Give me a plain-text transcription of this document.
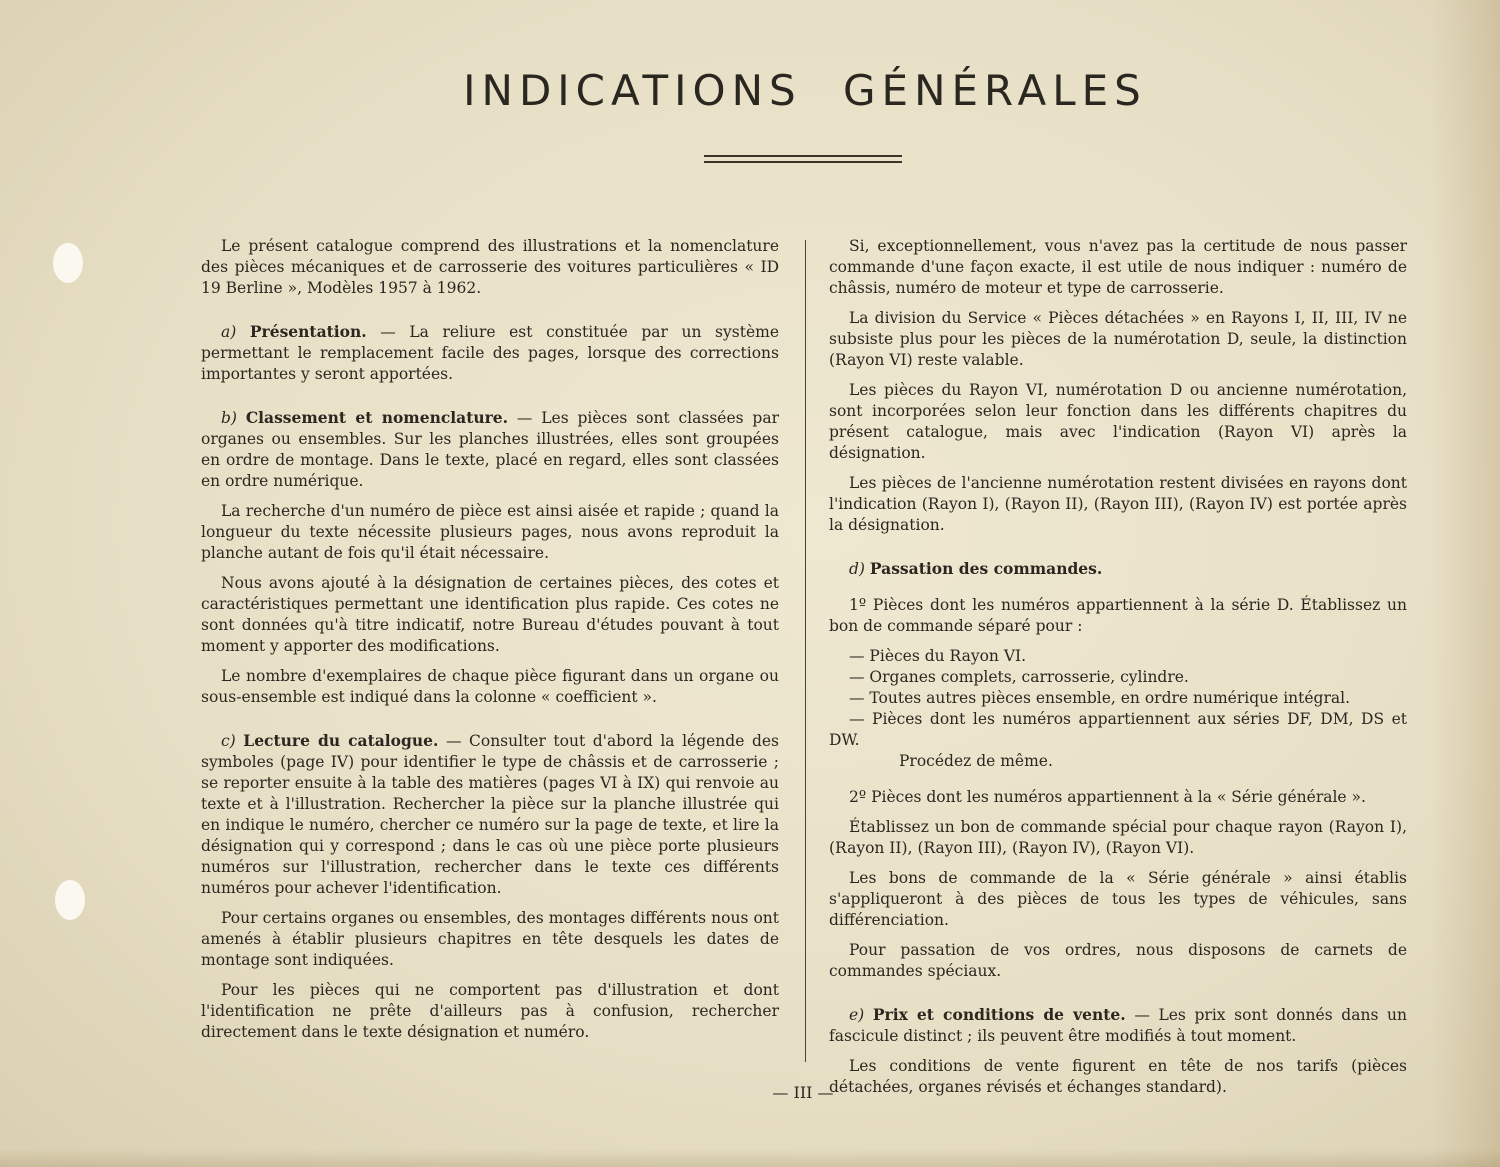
INDICATIONS GÉNÉRALES

Le présent catalogue comprend des illustrations et la nomenclature des pièces mécaniques et de carrosserie des voitures particulières « ID 19 Berline », Modèles 1957 à 1962.

a) Présentation. — La reliure est constituée par un système permettant le remplacement facile des pages, lorsque des corrections importantes y seront apportées.

b) Classement et nomenclature. — Les pièces sont classées par organes ou ensembles. Sur les planches illustrées, elles sont groupées en ordre de montage. Dans le texte, placé en regard, elles sont classées en ordre numérique.

La recherche d'un numéro de pièce est ainsi aisée et rapide ; quand la longueur du texte nécessite plusieurs pages, nous avons reproduit la planche autant de fois qu'il était nécessaire.

Nous avons ajouté à la désignation de certaines pièces, des cotes et caractéristiques permettant une identification plus rapide. Ces cotes ne sont données qu'à titre indicatif, notre Bureau d'études pouvant à tout moment y apporter des modifications.

Le nombre d'exemplaires de chaque pièce figurant dans un organe ou sous-ensemble est indiqué dans la colonne « coefficient ».

c) Lecture du catalogue. — Consulter tout d'abord la légende des symboles (page IV) pour identifier le type de châssis et de carrosserie ; se reporter ensuite à la table des matières (pages VI à IX) qui renvoie au texte et à l'illustration. Rechercher la pièce sur la planche illustrée qui en indique le numéro, chercher ce numéro sur la page de texte, et lire la désignation qui y correspond ; dans le cas où une pièce porte plusieurs numéros sur l'illustration, rechercher dans le texte ces différents numéros pour achever l'identification.

Pour certains organes ou ensembles, des montages différents nous ont amenés à établir plusieurs chapitres en tête desquels les dates de montage sont indiquées.

Pour les pièces qui ne comportent pas d'illustration et dont l'identification ne prête d'ailleurs pas à confusion, rechercher directement dans le texte désignation et numéro.

Si, exceptionnellement, vous n'avez pas la certitude de nous passer commande d'une façon exacte, il est utile de nous indiquer : numéro de châssis, numéro de moteur et type de carrosserie.

La division du Service « Pièces détachées » en Rayons I, II, III, IV ne subsiste plus pour les pièces de la numérotation D, seule, la distinction (Rayon VI) reste valable.

Les pièces du Rayon VI, numérotation D ou ancienne numérotation, sont incorporées selon leur fonction dans les différents chapitres du présent catalogue, mais avec l'indication (Rayon VI) après la désignation.

Les pièces de l'ancienne numérotation restent divisées en rayons dont l'indication (Rayon I), (Rayon II), (Rayon III), (Rayon IV) est portée après la désignation.

d) Passation des commandes.

1º Pièces dont les numéros appartiennent à la série D. Établissez un bon de commande séparé pour :

— Pièces du Rayon VI.

— Organes complets, carrosserie, cylindre.

— Toutes autres pièces ensemble, en ordre numérique intégral.

— Pièces dont les numéros appartiennent aux séries DF, DM, DS et DW.

Procédez de même.

2º Pièces dont les numéros appartiennent à la « Série générale ».

Établissez un bon de commande spécial pour chaque rayon (Rayon I), (Rayon II), (Rayon III), (Rayon IV), (Rayon VI).

Les bons de commande de la « Série générale » ainsi établis s'appliqueront à des pièces de tous les types de véhicules, sans différenciation.

Pour passation de vos ordres, nous disposons de carnets de commandes spéciaux.

e) Prix et conditions de vente. — Les prix sont donnés dans un fascicule distinct ; ils peuvent être modifiés à tout moment.

Les conditions de vente figurent en tête de nos tarifs (pièces détachées, organes révisés et échanges standard).

— III —
